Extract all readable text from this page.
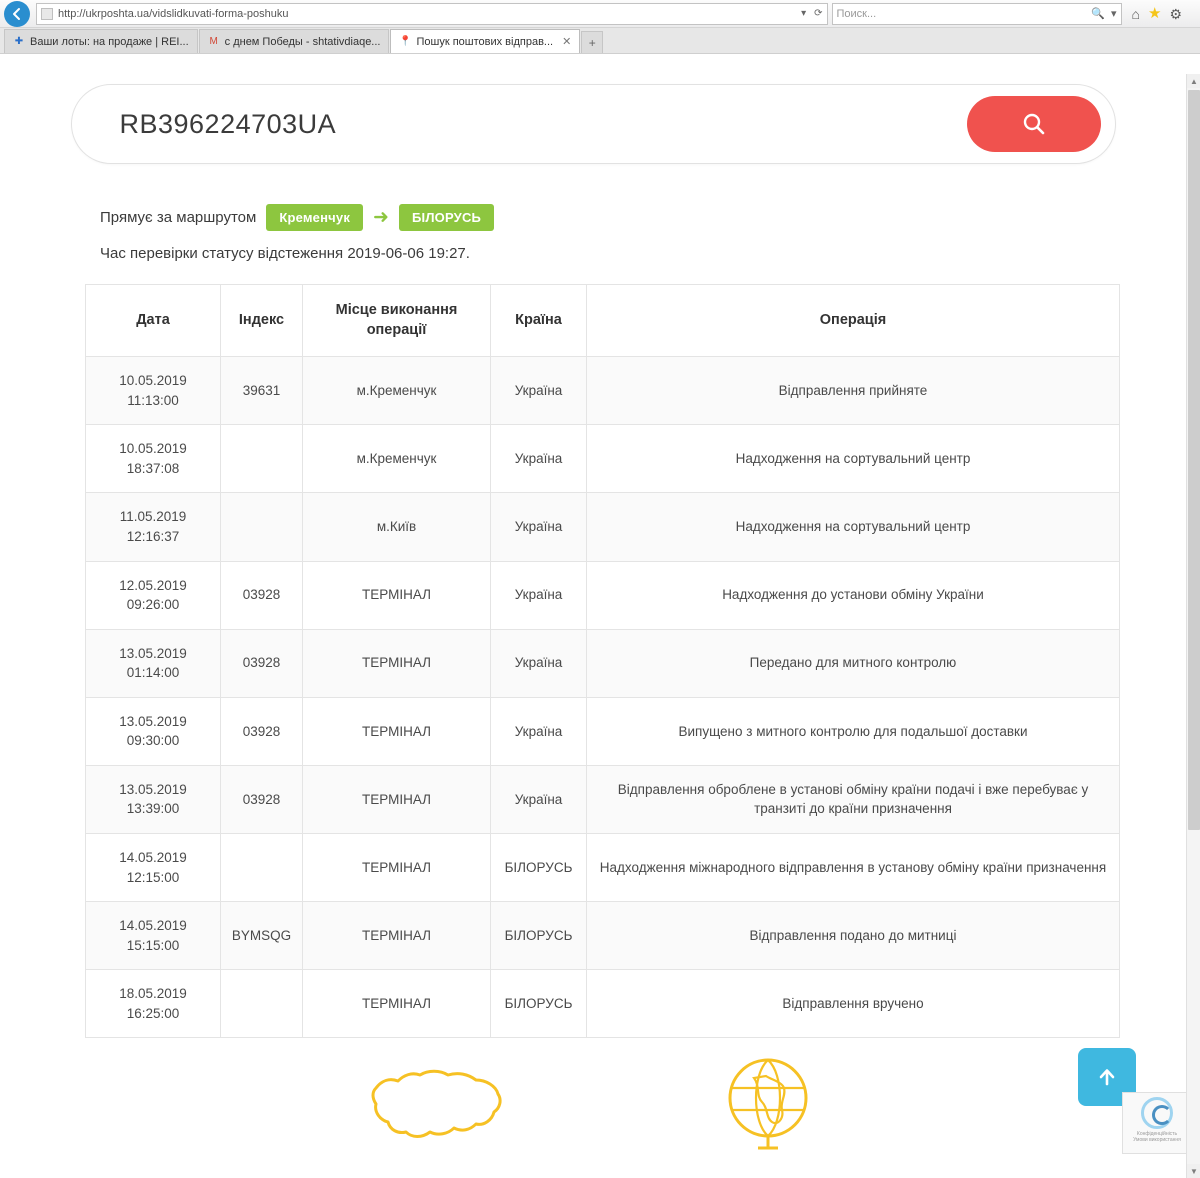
http://ukrposhta.ua/vidslidkuvati-forma-poshuku	▾ ⟳ Поиск...	🔍 ▾ ⌂ ★ ⚙
✚ Ваши лоты: на продаже | REI... M с днем Победы - shtativdiaqe... 📍 Пошук поштових відправ... ✕ +
RB396224703UA
Прямує за маршрутом	Кременчук	➜	БІЛОРУСЬ
Час перевірки статусу відстеження 2019-06-06 19:27.
Дата	Індекс	Місце виконання операції	Країна	Операція
10.05.2019 11:13:00	39631	м.Кременчук	Україна	Відправлення прийняте
10.05.2019 18:37:08		м.Кременчук	Україна	Надходження на сортувальний центр
11.05.2019 12:16:37		м.Київ	Україна	Надходження на сортувальний центр
12.05.2019 09:26:00	03928	ТЕРМІНАЛ	Україна	Надходження до установи обміну України
13.05.2019 01:14:00	03928	ТЕРМІНАЛ	Україна	Передано для митного контролю
13.05.2019 09:30:00	03928	ТЕРМІНАЛ	Україна	Випущено з митного контролю для подальшої доставки
13.05.2019 13:39:00	03928	ТЕРМІНАЛ	Україна	Відправлення оброблене в установі обміну країни подачі і вже перебуває у транзиті до країни призначення
14.05.2019 12:15:00		ТЕРМІНАЛ	БІЛОРУСЬ	Надходження міжнародного відправлення в установу обміну країни призначення
14.05.2019 15:15:00	BYMSQG	ТЕРМІНАЛ	БІЛОРУСЬ	Відправлення подано до митниці
18.05.2019 16:25:00		ТЕРМІНАЛ	БІЛОРУСЬ	Відправлення вручено
Конфіденційність
Умови використання
▲
▼
